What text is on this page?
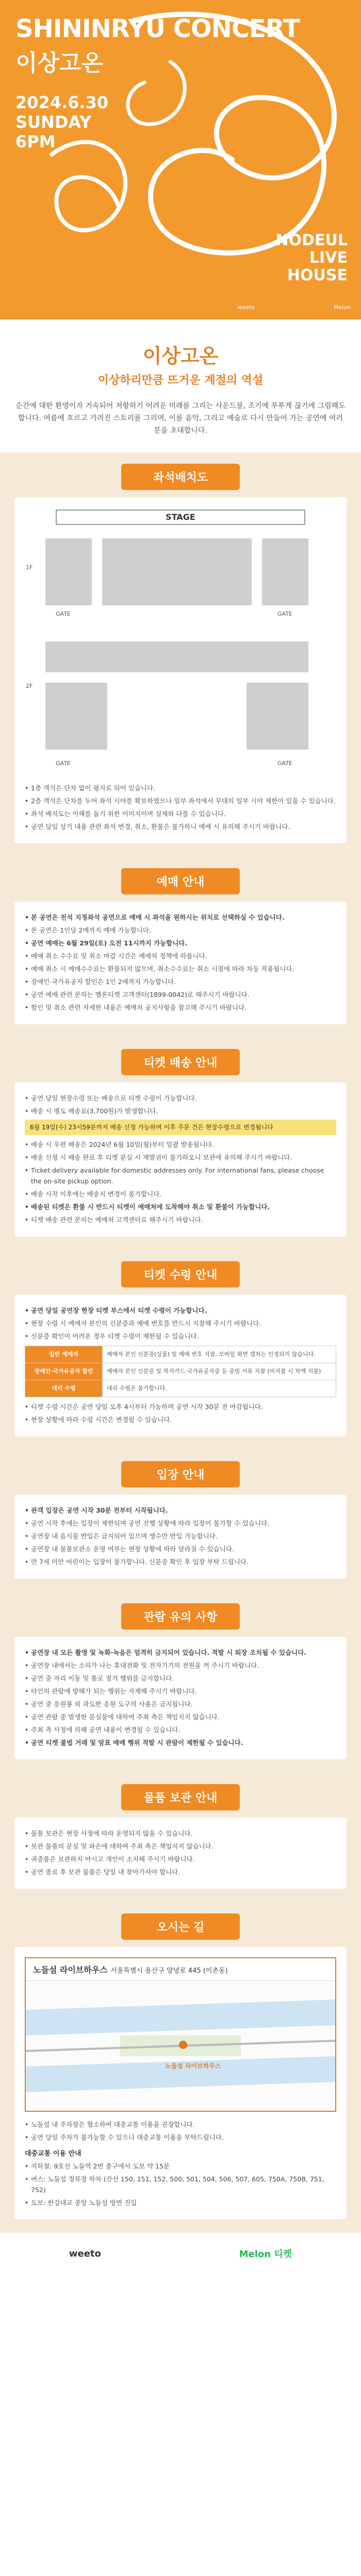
SHININRYU CONCERT
이상고온
2024.6.30
SUNDAY
6PM
NODEUL
LIVE
HOUSE
weeto	Melon
이상고온
이상하리만큼 뜨거운 계절의 역설
순간에 대한 환영이자 거속되어 저항하기 어려운 미래를 그리는 사운드를, 조기에 푸투계 끊기에 그림해도 합니다. 여름에 흐르고 가려진 스토리를 그리며, 이를 음악, 그리고 예술로 다시 만들어 가는 공연에 여러분을 초대합니다.
좌석배치도
STAGE
1F
GATE	GATE
2F
GATE	GATE
• 1층 객석은 단차 없이 평지로 되어 있습니다.
• 2층 객석은 단차를 두어 좌석 시야를 확보하였으나 일부 좌석에서 무대의 일부 시야 제한이 있을 수 있습니다.
• 좌석 배치도는 이해를 돕기 위한 이미지이며 실제와 다를 수 있습니다.
• 공연 당일 상기 내용 관련 좌석 변경, 취소, 환불은 불가하니 예매 시 유의해 주시기 바랍니다.
예매 안내
• 본 공연은 전석 지정좌석 공연으로 예매 시 좌석을 원하시는 위치로 선택하실 수 있습니다.
• 본 공연은 1인당 2매까지 예매 가능합니다.
• 공연 예매는 6월 29일(토) 오전 11시까지 가능합니다.
• 예매 취소 수수료 및 취소 마감 시간은 예매처 정책에 따릅니다.
• 예매 취소 시 예매수수료는 환불되지 않으며, 취소수수료는 취소 시점에 따라 차등 적용됩니다.
• 장애인·국가유공자 할인은 1인 2매까지 가능합니다.
• 공연 예매 관련 문의는 멜론티켓 고객센터(1899-0042)로 해주시기 바랍니다.
• 할인 및 취소 관련 자세한 내용은 예매처 공지사항을 참고해 주시기 바랍니다.
티켓 배송 안내
• 공연 당일 현장수령 또는 배송으로 티켓 수령이 가능합니다.
• 배송 시 별도 배송료(3,700원)가 발생합니다.
6월 19일(수) 23시59분까지 배송 신청 가능하며 이후 주문 건은 현장수령으로 변경됩니다
• 배송 시 우편 배송은 2024년 6월 10일(월)부터 일괄 발송됩니다.
• 배송 신청 시 배송 완료 후 티켓 분실 시 재발권이 불가하오니 보관에 유의해 주시기 바랍니다.
• Ticket delivery available for domestic addresses only. For international fans, please choose the on-site pickup option.
• 배송 시작 이후에는 배송지 변경이 불가합니다.
• 배송된 티켓은 환불 시 반드시 티켓이 예매처에 도착해야 취소 및 환불이 가능합니다.
• 티켓 배송 관련 문의는 예매처 고객센터로 해주시기 바랍니다.
티켓 수령 안내
• 공연 당일 공연장 현장 티켓 부스에서 티켓 수령이 가능합니다.
• 현장 수령 시 예매자 본인의 신분증과 예매 번호를 반드시 지참해 주시기 바랍니다.
• 신분증 확인이 어려운 경우 티켓 수령이 제한될 수 있습니다.
일반 예매자	예매자 본인 신분증(실물) 및 예매 번호 지참, 모바일 화면 캡처는 인정되지 않습니다.
장애인·국가유공자 할인	예매자 본인 신분증 및 복지카드·국가유공자증 등 증빙 서류 지참 (미지참 시 차액 지불)
대리 수령	대리 수령은 불가합니다.
• 티켓 수령 시간은 공연 당일 오후 4시부터 가능하며 공연 시작 30분 전 마감됩니다.
• 현장 상황에 따라 수령 시간은 변경될 수 있습니다.
입장 안내
• 관객 입장은 공연 시작 30분 전부터 시작됩니다.
• 공연 시작 후에는 입장이 제한되며 공연 진행 상황에 따라 입장이 불가할 수 있습니다.
• 공연장 내 음식물 반입은 금지되어 있으며 생수만 반입 가능합니다.
• 공연장 내 물품보관소 운영 여부는 현장 상황에 따라 달라질 수 있습니다.
• 만 7세 미만 어린이는 입장이 불가합니다. 신분증 확인 후 입장 부탁 드립니다.
관람 유의 사항
• 공연장 내 모든 촬영 및 녹화·녹음은 엄격히 금지되어 있습니다. 적발 시 퇴장 조치될 수 있습니다.
• 공연장 내에서는 소리가 나는 휴대전화 및 전자기기의 전원을 꺼 주시기 바랍니다.
• 공연 중 자리 이동 및 통로 점거 행위를 금지합니다.
• 타인의 관람에 방해가 되는 행위는 자제해 주시기 바랍니다.
• 공연 중 응원봉 외 과도한 응원 도구의 사용은 금지됩니다.
• 공연 관람 중 발생한 분실물에 대하여 주최 측은 책임지지 않습니다.
• 주최 측 사정에 의해 공연 내용이 변경될 수 있습니다.
• 공연 티켓 불법 거래 및 암표 매매 행위 적발 시 관람이 제한될 수 있습니다.
물품 보관 안내
• 물품 보관은 현장 사정에 따라 운영되지 않을 수 있습니다.
• 보관 물품의 분실 및 파손에 대하여 주최 측은 책임지지 않습니다.
• 귀중품은 보관하지 마시고 개인이 소지해 주시기 바랍니다.
• 공연 종료 후 보관 물품은 당일 내 찾아가셔야 합니다.
오시는 길
노들섬 라이브하우스 서울특별시 용산구 양녕로 445 (이촌동)
노들섬 라이브하우스
• 노들섬 내 주차장은 협소하여 대중교통 이용을 권장합니다.
• 공연 당일 주차가 불가능할 수 있으니 대중교통 이용을 부탁드립니다.
대중교통 이용 안내
• 지하철: 9호선 노들역 2번 출구에서 도보 약 15분
• 버스: 노들섬 정류장 하차 (간선 150, 151, 152, 500, 501, 504, 506, 507, 605, 750A, 750B, 751, 752)
• 도보: 한강대교 중앙 노들섬 방면 진입
weeto	Melon 티켓
